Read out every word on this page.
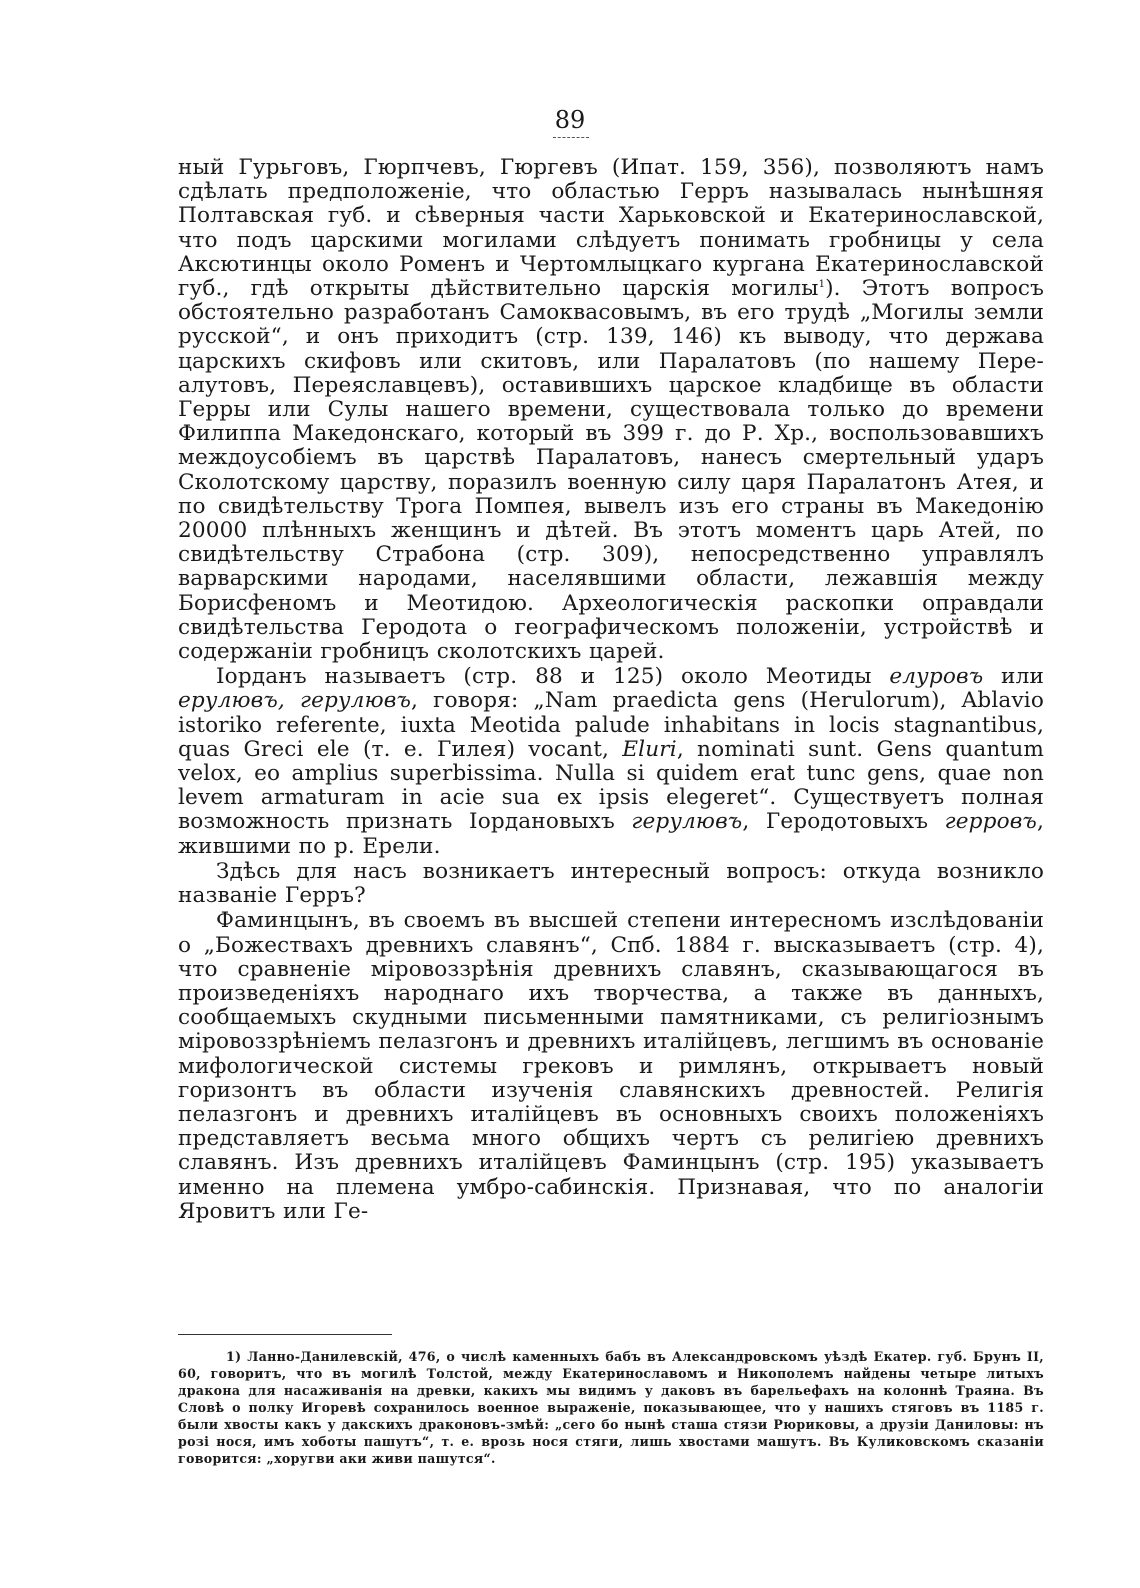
89

ный Гурьговъ, Гюрпчевъ, Гюргевъ (Ипат. 159, 356), позволяютъ намъ сдѣлать предположенiе, что областью Герръ называлась нынѣшняя Полтавская губ. и сѣверныя части Харьковской и Екатеринославской, что подъ царскими могилами слѣдуетъ понимать гробницы у села Аксютинцы около Роменъ и Чертомлыцкаго кургана Екатеринославской губ., гдѣ открыты дѣйствительно царскiя могилы$^1$). Этотъ вопросъ обстоятельно разработанъ Самоквасовымъ, въ его трудѣ „Могилы земли русской“, и онъ приходитъ (стр. 139, 146) къ выводу, что держава царскихъ скифовъ или скитовъ, или Паралатовъ (по нашему Пере-алутовъ, Переяславцевъ), оставившихъ царское кладбище въ области Герры или Сулы нашего времени, существовала только до времени Филиппа Македонскаго, который въ 399 г. до Р. Хр., воспользовавшихъ междоусобiемъ въ царствѣ Паралатовъ, нанесъ смертельный ударъ Сколотскому царству, поразилъ военную силу царя Паралатонъ Атея, и по свидѣтельству Трога Помпея, вывелъ изъ его страны въ Македонiю 20000 плѣнныхъ женщинъ и дѣтей. Въ этотъ моментъ царь Атей, по свидѣтельству Страбона (стр. 309), непосредственно управлялъ варварскими народами, населявшими области, лежавшiя между Борисфеномъ и Меотидою. Археологическiя раскопки оправдали свидѣтельства Геродота о географическомъ положенiи, устройствѣ и содержанiи гробницъ сколотскихъ царей.

Iорданъ называетъ (стр. 88 и 125) около Меотиды елуровъ или ерулювъ, герулювъ, говоря: „Nam praedicta gens (Herulorum), Ablavio istoriko referente, iuxta Meotida palude inhabitans in locis stagnantibus, quas Greci ele (т. е. Гилея) vocant, Eluri, nominati sunt. Gens quantum velox, eo amplius superbissima. Nulla si quidem erat tunc gens, quae non levem armaturam in acie sua ex ipsis elegeret“. Существуетъ полная возможность признать Iордановыхъ герулювъ, Геродотовыхъ герровъ, жившими по р. Ерели.

Здѣсь для насъ возникаетъ интересный вопросъ: откуда возникло названiе Герръ?

Фаминцынъ, въ своемъ въ высшей степени интересномъ изслѣдованiи о „Божествахъ древнихъ славянъ“, Спб. 1884 г. высказываетъ (стр. 4), что сравненiе мiровоззрѣнiя древнихъ славянъ, сказывающагося въ произведенiяхъ народнаго ихъ творчества, а также въ данныхъ, сообщаемыхъ скудными письменными памятниками, съ религiознымъ мiровоззрѣнiемъ пелазгонъ и древнихъ италiйцевъ, легшимъ въ основанiе мифологической системы грековъ и римлянъ, открываетъ новый горизонтъ въ области изученiя славянскихъ древностей. Религiя пелазгонъ и древнихъ италiйцевъ въ основныхъ своихъ положенiяхъ представляетъ весьма много общихъ чертъ съ религiею древнихъ славянъ. Изъ древнихъ италiйцевъ Фаминцынъ (стр. 195) указываетъ именно на племена умбро-сабинскiя. Признавая, что по аналогiи Яровитъ или Ге-

1) Ланно-Данилевскiй, 476, о числѣ каменныхъ бабъ въ Александровскомъ уѣздѣ Екатер. губ. Брунъ II, 60, говоритъ, что въ могилѣ Толстой, между Екатеринославомъ и Никополемъ найдены четыре литыхъ дракона для насаживанiя на древки, какихъ мы видимъ у даковъ въ барельефахъ на колоннѣ Траяна. Въ Словѣ о полку Игоревѣ сохранилось военное выраженiе, показывающее, что у нашихъ стяговъ въ 1185 г. были хвосты какъ у дакскихъ драконовъ-змѣй: „сего бо нынѣ сташа стязи Рюриковы, а друзiи Даниловы: нъ розi нося, имъ хоботы пашутъ“, т. е. врозь нося стяги, лишь хвостами машутъ. Въ Куликовскомъ сказанiи говорится: „хоругви аки живи пашутся“.
